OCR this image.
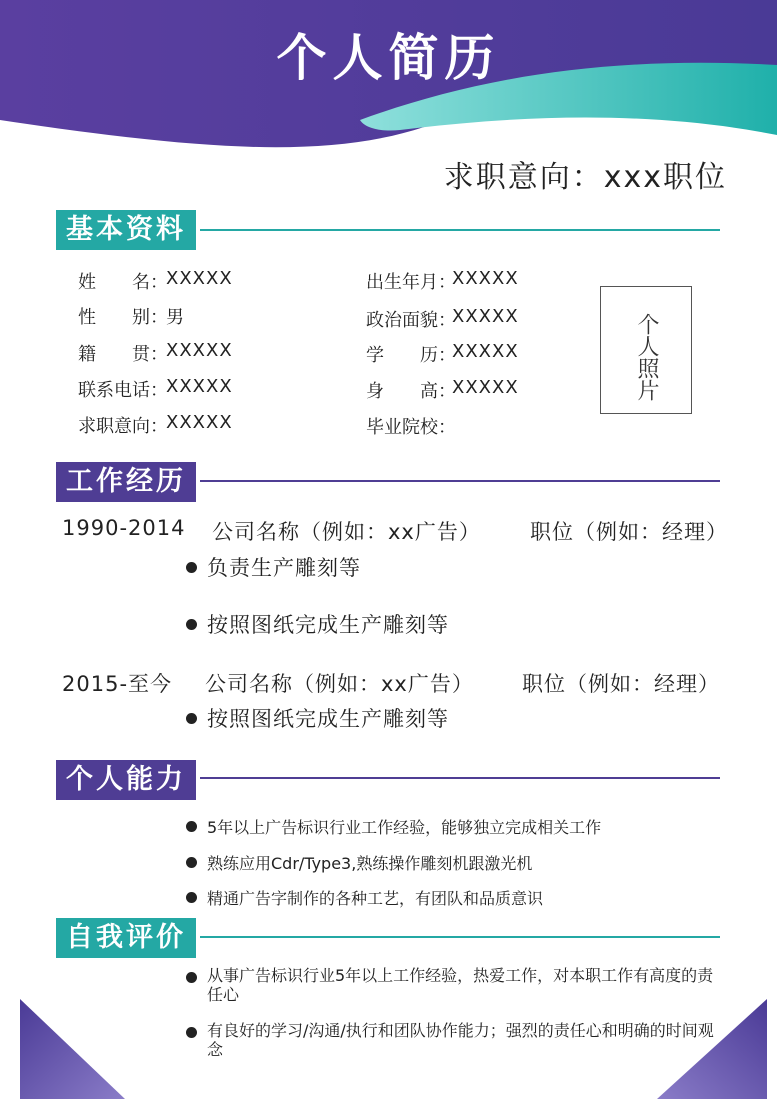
个人简历
求职意向：xxx职位
基本资料
姓　　名：
XXXXX
性　　别：
男
籍　　贯：
XXXXX
联系电话：
XXXXX
求职意向：
XXXXX
出生年月：
XXXXX
政治面貌：
XXXXX
学　　历：
XXXXX
身　　高：
XXXXX
毕业院校：
个人照片
工作经历
1990-2014 公司名称（例如：xx广告） 职位（例如：经理）
负责生产雕刻等
按照图纸完成生产雕刻等
2015-至今 公司名称（例如：xx广告） 职位（例如：经理）
按照图纸完成生产雕刻等
个人能力
5年以上广告标识行业工作经验，能够独立完成相关工作
熟练应用Cdr/Type3,熟练操作雕刻机跟激光机
精通广告字制作的各种工艺，有团队和品质意识
自我评价
从事广告标识行业5年以上工作经验，热爱工作，对本职工作有高度的责任心
有良好的学习/沟通/执行和团队协作能力；强烈的责任心和明确的时间观念
